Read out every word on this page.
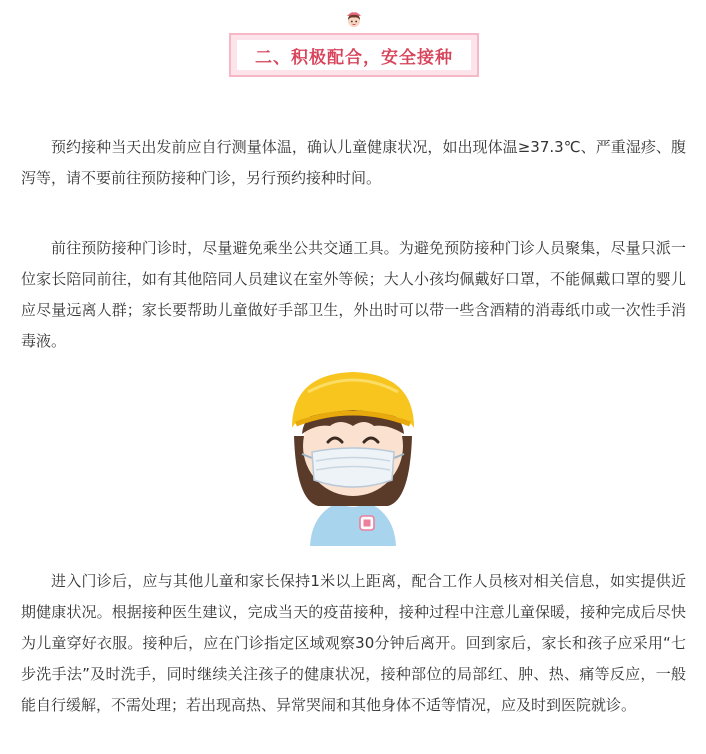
二、积极配合，安全接种

预约接种当天出发前应自行测量体温，确认儿童健康状况，如出现体温≥37.3℃、严重湿疹、腹泻等，请不要前往预防接种门诊，另行预约接种时间。

前往预防接种门诊时，尽量避免乘坐公共交通工具。为避免预防接种门诊人员聚集，尽量只派一位家长陪同前往，如有其他陪同人员建议在室外等候；大人小孩均佩戴好口罩，不能佩戴口罩的婴儿应尽量远离人群；家长要帮助儿童做好手部卫生，外出时可以带一些含酒精的消毒纸巾或一次性手消毒液。

进入门诊后，应与其他儿童和家长保持1米以上距离，配合工作人员核对相关信息，如实提供近期健康状况。根据接种医生建议，完成当天的疫苗接种，接种过程中注意儿童保暖，接种完成后尽快为儿童穿好衣服。接种后，应在门诊指定区域观察30分钟后离开。回到家后，家长和孩子应采用“七步洗手法”及时洗手，同时继续关注孩子的健康状况，接种部位的局部红、肿、热、痛等反应，一般能自行缓解，不需处理；若出现高热、异常哭闹和其他身体不适等情况，应及时到医院就诊。
